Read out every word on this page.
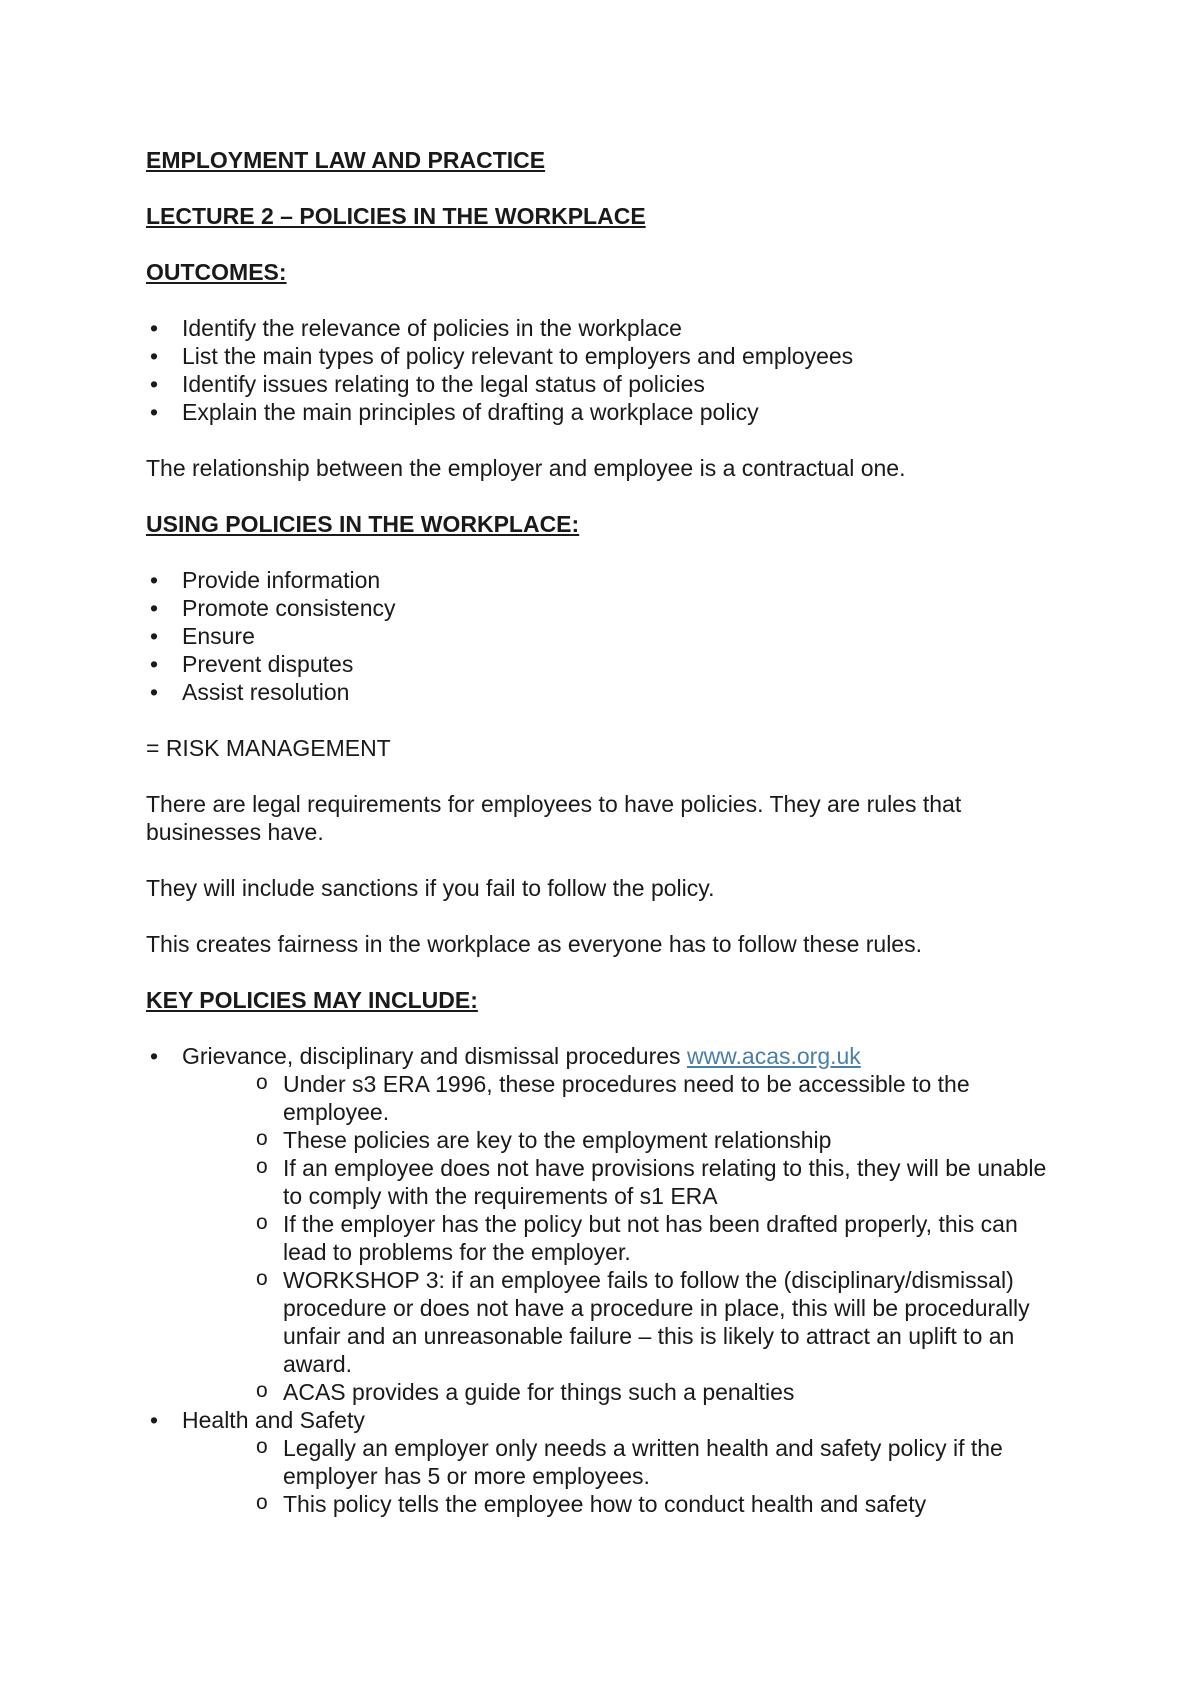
EMPLOYMENT LAW AND PRACTICE
LECTURE 2 – POLICIES IN THE WORKPLACE
OUTCOMES:
• Identify the relevance of policies in the workplace
• List the main types of policy relevant to employers and employees
• Identify issues relating to the legal status of policies
• Explain the main principles of drafting a workplace policy

The relationship between the employer and employee is a contractual one.

USING POLICIES IN THE WORKPLACE:
• Provide information
• Promote consistency
• Ensure
• Prevent disputes
• Assist resolution

= RISK MANAGEMENT

There are legal requirements for employees to have policies. They are rules that businesses have.

They will include sanctions if you fail to follow the policy.

This creates fairness in the workplace as everyone has to follow these rules.

KEY POLICIES MAY INCLUDE:
• Grievance, disciplinary and dismissal procedures www.acas.org.uk
o Under s3 ERA 1996, these procedures need to be accessible to the employee.
o These policies are key to the employment relationship
o If an employee does not have provisions relating to this, they will be unable to comply with the requirements of s1 ERA
o If the employer has the policy but not has been drafted properly, this can lead to problems for the employer.
o WORKSHOP 3: if an employee fails to follow the (disciplinary/dismissal) procedure or does not have a procedure in place, this will be procedurally unfair and an unreasonable failure – this is likely to attract an uplift to an award.
o ACAS provides a guide for things such a penalties
• Health and Safety
o Legally an employer only needs a written health and safety policy if the employer has 5 or more employees.
o This policy tells the employee how to conduct health and safety
